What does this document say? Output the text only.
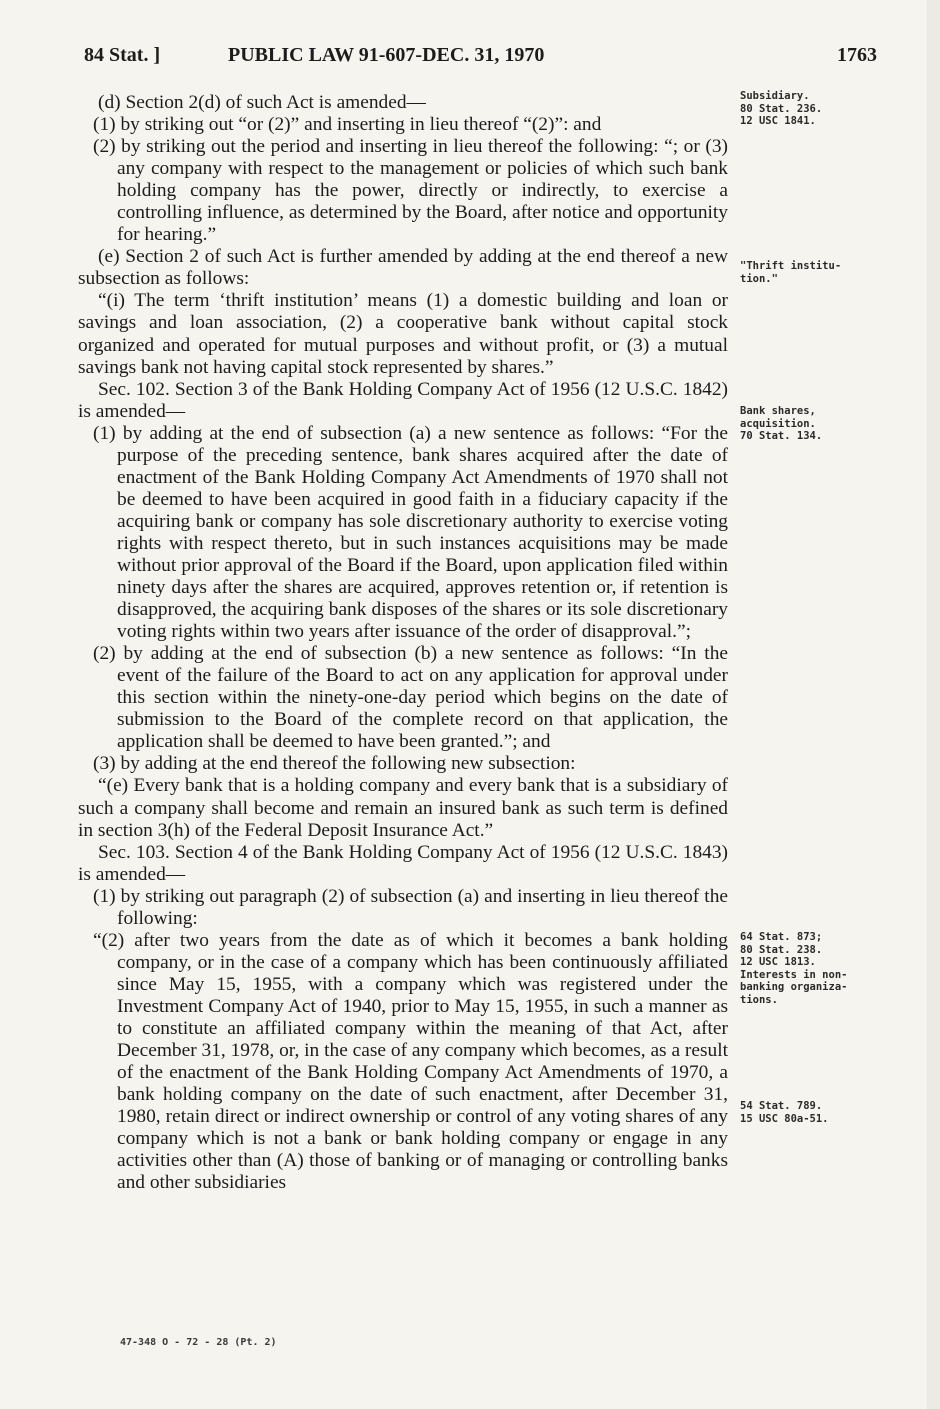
84 Stat. ]	PUBLIC LAW 91-607-DEC. 31, 1970	1763

(d) Section 2(d) of such Act is amended—

(1) by striking out “or (2)” and inserting in lieu thereof “(2)”: and

(2) by striking out the period and inserting in lieu thereof the following: “; or (3) any company with respect to the management or policies of which such bank holding company has the power, directly or indirectly, to exercise a controlling influence, as determined by the Board, after notice and opportunity for hearing.”

(e) Section 2 of such Act is further amended by adding at the end thereof a new subsection as follows:

“(i) The term ‘thrift institution’ means (1) a domestic building and loan or savings and loan association, (2) a cooperative bank without capital stock organized and operated for mutual purposes and without profit, or (3) a mutual savings bank not having capital stock represented by shares.”

Sec. 102. Section 3 of the Bank Holding Company Act of 1956 (12 U.S.C. 1842) is amended—

(1) by adding at the end of subsection (a) a new sentence as follows: “For the purpose of the preceding sentence, bank shares acquired after the date of enactment of the Bank Holding Company Act Amendments of 1970 shall not be deemed to have been acquired in good faith in a fiduciary capacity if the acquiring bank or company has sole discretionary authority to exercise voting rights with respect thereto, but in such instances acquisitions may be made without prior approval of the Board if the Board, upon application filed within ninety days after the shares are acquired, approves retention or, if retention is disapproved, the acquiring bank disposes of the shares or its sole discretionary voting rights within two years after issuance of the order of disapproval.”;

(2) by adding at the end of subsection (b) a new sentence as follows: “In the event of the failure of the Board to act on any application for approval under this section within the ninety-one-day period which begins on the date of submission to the Board of the complete record on that application, the application shall be deemed to have been granted.”; and

(3) by adding at the end thereof the following new subsection:

“(e) Every bank that is a holding company and every bank that is a subsidiary of such a company shall become and remain an insured bank as such term is defined in section 3(h) of the Federal Deposit Insurance Act.”

Sec. 103. Section 4 of the Bank Holding Company Act of 1956 (12 U.S.C. 1843) is amended—

(1) by striking out paragraph (2) of subsection (a) and inserting in lieu thereof the following:

“(2) after two years from the date as of which it becomes a bank holding company, or in the case of a company which has been continuously affiliated since May 15, 1955, with a company which was registered under the Investment Company Act of 1940, prior to May 15, 1955, in such a manner as to constitute an affiliated company within the meaning of that Act, after December 31, 1978, or, in the case of any company which becomes, as a result of the enactment of the Bank Holding Company Act Amendments of 1970, a bank holding company on the date of such enactment, after December 31, 1980, retain direct or indirect ownership or control of any voting shares of any company which is not a bank or bank holding company or engage in any activities other than (A) those of banking or of managing or controlling banks and other subsidiaries

Subsidiary.
80 Stat. 236.
12 USC 1841.
"Thrift institu-
tion."
Bank shares,
acquisition.
70 Stat. 134.
64 Stat. 873;
80 Stat. 238.
12 USC 1813.
Interests in non-
banking organiza-
tions.
54 Stat. 789.
15 USC 80a-51.
47-348 O - 72 - 28 (Pt. 2)
